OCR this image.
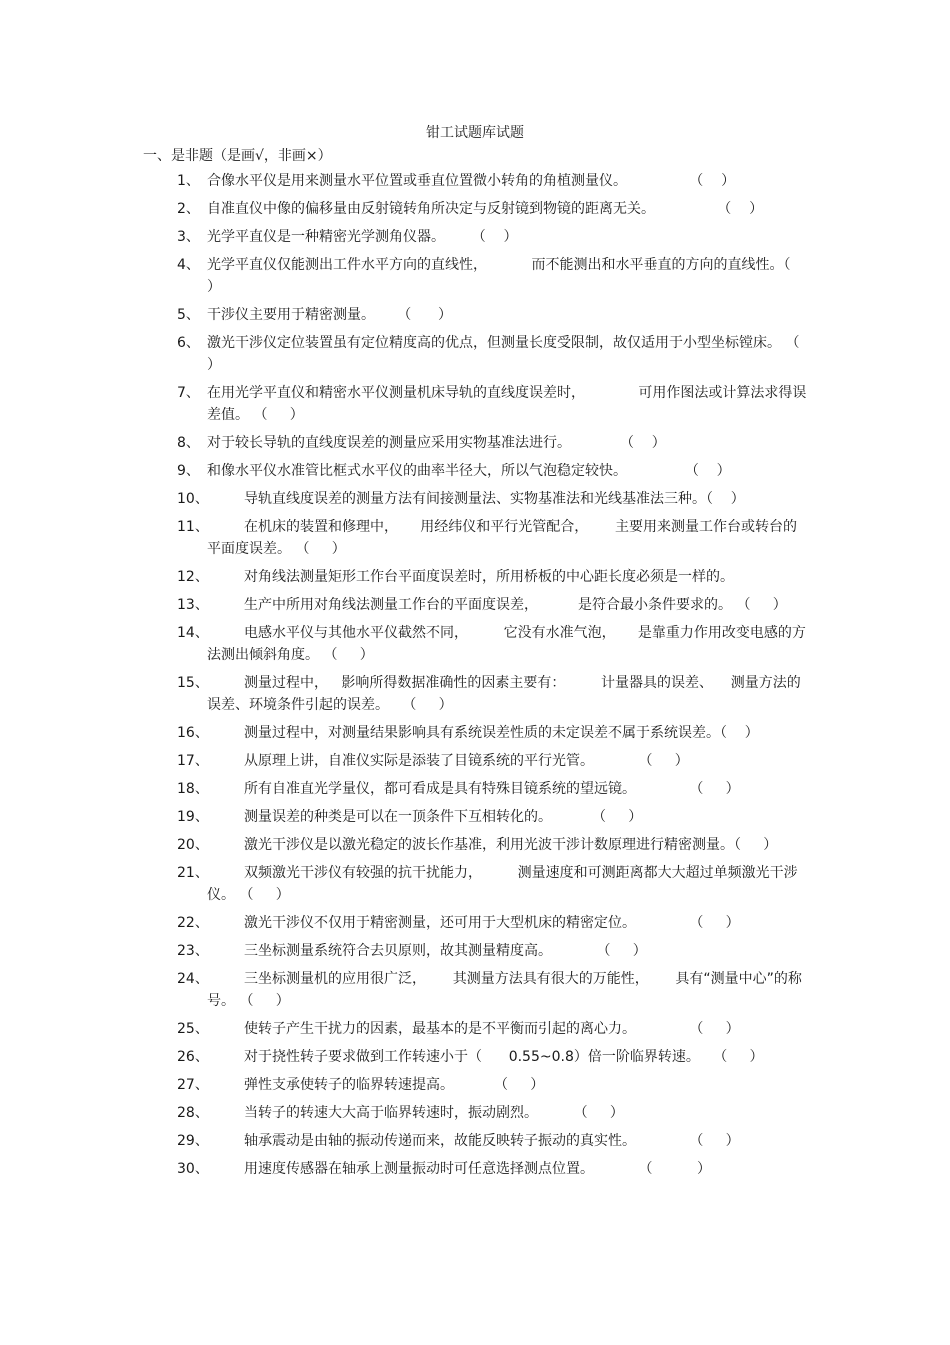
钳工试题库试题
一、是非题（是画√，非画×）
1、 合像水平仪是用来测量水平位置或垂直位置微小转角的角植测量仪。              （    ）
2、 自准直仪中像的偏移量由反射镜转角所决定与反射镜到物镜的距离无关。              （    ）
3、 光学平直仪是一种精密光学测角仪器。      （    ）
4、 光学平直仪仅能测出工件水平方向的直线性，          而不能测出和水平垂直的方向的直线性。（    ）
5、 干涉仪主要用于精密测量。     （      ）
6、 激光干涉仪定位装置虽有定位精度高的优点，但测量长度受限制，故仅适用于小型坐标镗床。 （      ）
7、 在用光学平直仪和精密水平仪测量机床导轨的直线度误差时，            可用作图法或计算法求得误差值。 （     ）
8、 对于较长导轨的直线度误差的测量应采用实物基准法进行。           （    ）
9、 和像水平仪水准管比框式水平仪的曲率半径大，所以气泡稳定较快。             （    ）
10、	导轨直线度误差的测量方法有间接测量法、实物基准法和光线基准法三种。（    ）
11、	在机床的装置和修理中，     用经纬仪和平行光管配合，      主要用来测量工作台或转台的平面度误差。 （     ）
12、	对角线法测量矩形工作台平面度误差时，所用桥板的中心距长度必须是一样的。
13、	生产中所用对角线法测量工作台的平面度误差，         是符合最小条件要求的。 （     ）
14、	电感水平仪与其他水平仪截然不同，        它没有水准气泡，     是靠重力作用改变电感的方法测出倾斜角度。 （     ）
15、	测量过程中，   影响所得数据准确性的因素主要有：        计量器具的误差、    测量方法的误差、环境条件引起的误差。   （     ）
16、	测量过程中，对测量结果影响具有系统误差性质的未定误差不属于系统误差。（    ）
17、	从原理上讲，自准仪实际是添装了目镜系统的平行光管。          （     ）
18、	所有自准直光学量仪，都可看成是具有特殊目镜系统的望远镜。            （     ）
19、	测量误差的种类是可以在一顶条件下互相转化的。         （     ）
20、	激光干涉仪是以激光稳定的波长作基准，利用光波干涉计数原理进行精密测量。（     ）
21、	双频激光干涉仪有较强的抗干扰能力，        测量速度和可测距离都大大超过单频激光干涉仪。 （     ）
22、	激光干涉仪不仅用于精密测量，还可用于大型机床的精密定位。            （     ）
23、	三坐标测量系统符合去贝原则，故其测量精度高。          （     ）
24、	三坐标测量机的应用很广泛，      其测量方法具有很大的万能性，      具有“测量中心”的称号。 （     ）
25、	使转子产生干扰力的因素，最基本的是不平衡而引起的离心力。            （     ）
26、	对于挠性转子要求做到工作转速小于（      0.55~0.8）倍一阶临界转速。   （     ）
27、	弹性支承使转子的临界转速提高。         （     ）
28、	当转子的转速大大高于临界转速时，振动剧烈。        （     ）
29、	轴承震动是由轴的振动传递而来，故能反映转子振动的真实性。            （     ）
30、	用速度传感器在轴承上测量振动时可任意选择测点位置。          （          ）
